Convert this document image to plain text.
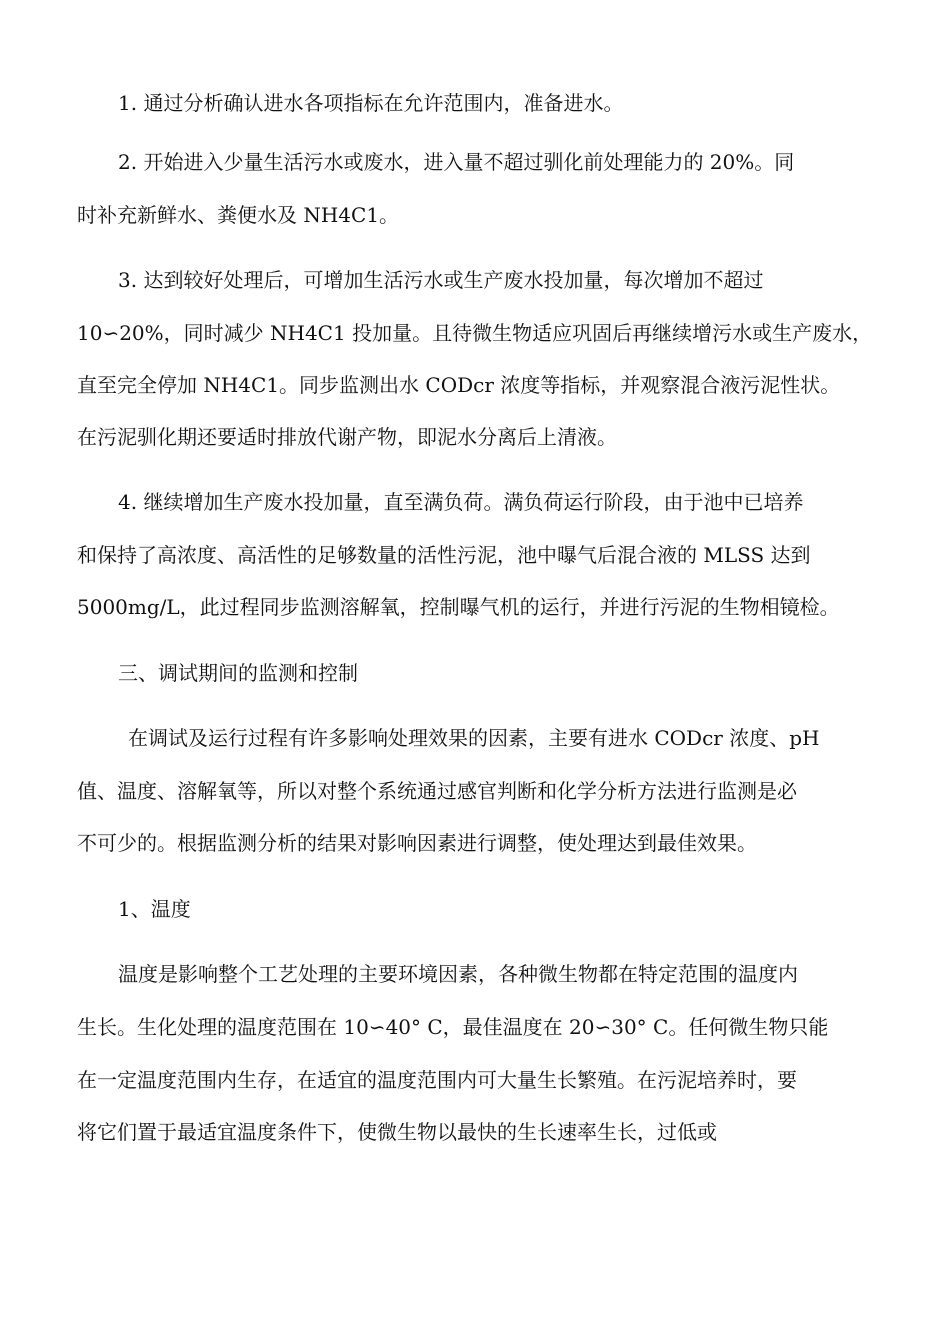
1. 通过分析确认进水各项指标在允许范围内，准备进水。
2. 开始进入少量生活污水或废水，进入量不超过驯化前处理能力的 20%。同
时补充新鲜水、粪便水及 NH4C1。
3. 达到较好处理后，可增加生活污水或生产废水投加量，每次增加不超过
10∽20%，同时减少 NH4C1 投加量。且待微生物适应巩固后再继续增污水或生产废水，
直至完全停加 NH4C1。同步监测出水 CODcr 浓度等指标，并观察混合液污泥性状。
在污泥驯化期还要适时排放代谢产物，即泥水分离后上清液。
4. 继续增加生产废水投加量，直至满负荷。满负荷运行阶段，由于池中已培养
和保持了高浓度、高活性的足够数量的活性污泥，池中曝气后混合液的 MLSS 达到
5000mg/L，此过程同步监测溶解氧，控制曝气机的运行，并进行污泥的生物相镜检。
三、调试期间的监测和控制
在调试及运行过程有许多影响处理效果的因素，主要有进水 CODcr 浓度、pH
值、温度、溶解氧等，所以对整个系统通过感官判断和化学分析方法进行监测是必
不可少的。根据监测分析的结果对影响因素进行调整，使处理达到最佳效果。
1、温度
温度是影响整个工艺处理的主要环境因素，各种微生物都在特定范围的温度内
生长。生化处理的温度范围在 10∽40° C，最佳温度在 20∽30° C。任何微生物只能
在一定温度范围内生存，在适宜的温度范围内可大量生长繁殖。在污泥培养时，要
将它们置于最适宜温度条件下，使微生物以最快的生长速率生长，过低或
